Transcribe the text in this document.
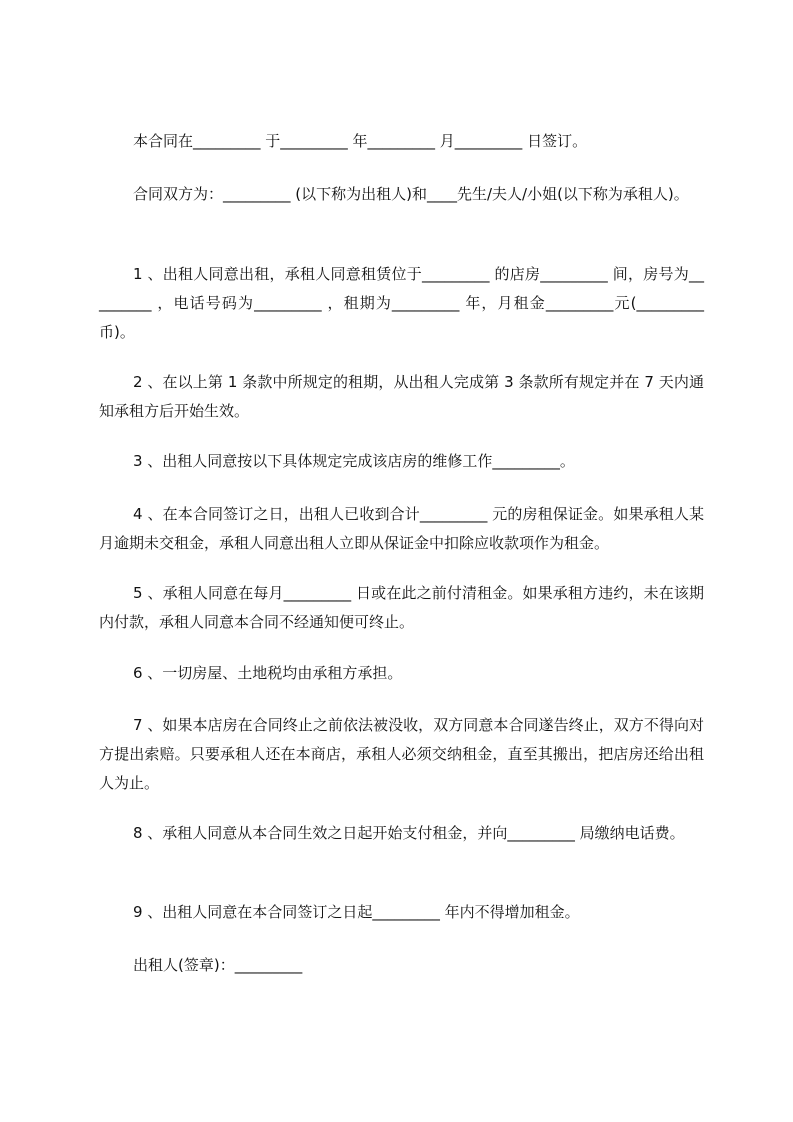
本合同在_________ 于_________ 年_________ 月_________ 日签订。

合同双方为：_________ (以下称为出租人)和____先生/夫人/小姐(以下称为承租人)。

1 、出租人同意出租，承租人同意租赁位于_________ 的店房_________ 间，房号为_________ ，电话号码为_________ ，租期为_________ 年，月租金_________元(_________ 币)。

2 、在以上第 1 条款中所规定的租期，从出租人完成第 3 条款所有规定并在 7 天内通知承租方后开始生效。

3 、出租人同意按以下具体规定完成该店房的维修工作_________。

4 、在本合同签订之日，出租人已收到合计_________ 元的房租保证金。如果承租人某月逾期未交租金，承租人同意出租人立即从保证金中扣除应收款项作为租金。

5 、承租人同意在每月_________ 日或在此之前付清租金。如果承租方违约，未在该期内付款，承租人同意本合同不经通知便可终止。

6 、一切房屋、土地税均由承租方承担。

7 、如果本店房在合同终止之前依法被没收，双方同意本合同遂告终止，双方不得向对方提出索赔。只要承租人还在本商店，承租人必须交纳租金，直至其搬出，把店房还给出租人为止。

8 、承租人同意从本合同生效之日起开始支付租金，并向_________ 局缴纳电话费。

9 、出租人同意在本合同签订之日起_________ 年内不得增加租金。

出租人(签章)：_________
